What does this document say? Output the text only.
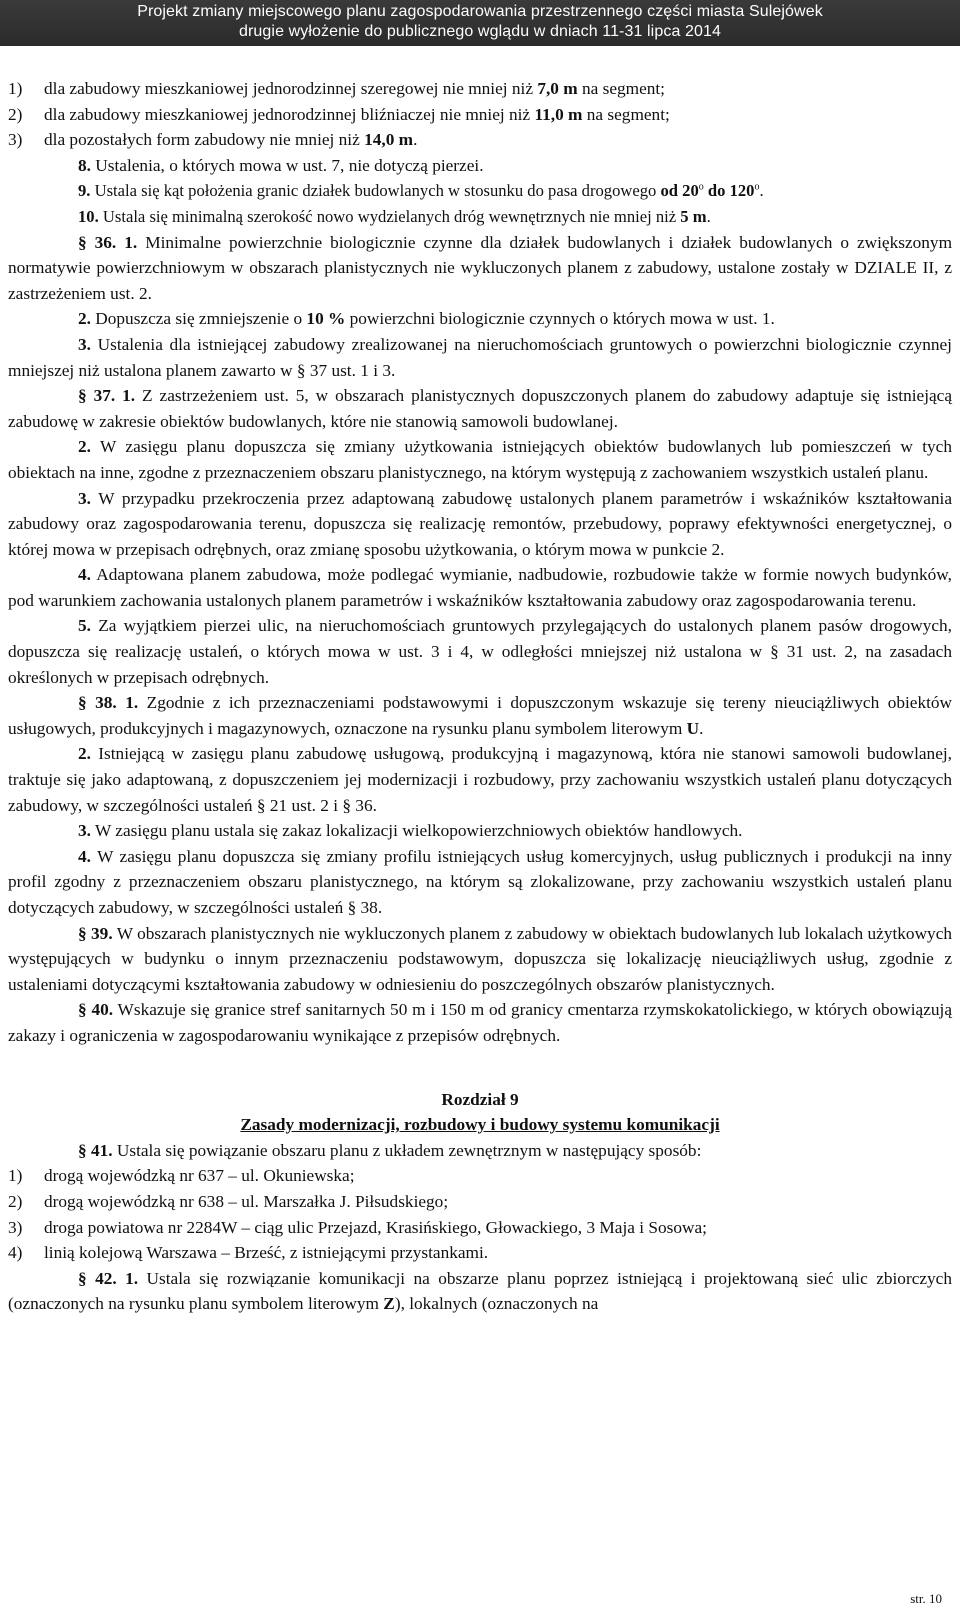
Projekt zmiany miejscowego planu zagospodarowania przestrzennego części miasta Sulejówek
drugie wyłożenie do publicznego wglądu w dniach 11-31 lipca 2014
1)	dla zabudowy mieszkaniowej jednorodzinnej szeregowej nie mniej niż 7,0 m na segment;
2)	dla zabudowy mieszkaniowej jednorodzinnej bliźniaczej nie mniej niż 11,0 m na segment;
3)	dla pozostałych form zabudowy nie mniej niż 14,0 m.

8. Ustalenia, o których mowa w ust. 7, nie dotyczą pierzei.

9. Ustala się kąt położenia granic działek budowlanych w stosunku do pasa drogowego od 20$^o$ do 120$^o$.

10. Ustala się minimalną szerokość nowo wydzielanych dróg wewnętrznych nie mniej niż 5 m.

§ 36. 1. Minimalne powierzchnie biologicznie czynne dla działek budowlanych i działek budowlanych o zwiększonym normatywie powierzchniowym w obszarach planistycznych nie wykluczonych planem z zabudowy, ustalone zostały w DZIALE II, z zastrzeżeniem ust. 2.

2. Dopuszcza się zmniejszenie o 10 % powierzchni biologicznie czynnych o których mowa w ust. 1.

3. Ustalenia dla istniejącej zabudowy zrealizowanej na nieruchomościach gruntowych o powierzchni biologicznie czynnej mniejszej niż ustalona planem zawarto w § 37 ust. 1 i 3.

§ 37. 1. Z zastrzeżeniem ust. 5, w obszarach planistycznych dopuszczonych planem do zabudowy adaptuje się istniejącą zabudowę w zakresie obiektów budowlanych, które nie stanowią samowoli budowlanej.

2. W zasięgu planu dopuszcza się zmiany użytkowania istniejących obiektów budowlanych lub pomieszczeń w tych obiektach na inne, zgodne z przeznaczeniem obszaru planistycznego, na którym występują z zachowaniem wszystkich ustaleń planu.

3. W przypadku przekroczenia przez adaptowaną zabudowę ustalonych planem parametrów i wskaźników kształtowania zabudowy oraz zagospodarowania terenu, dopuszcza się realizację remontów, przebudowy, poprawy efektywności energetycznej, o której mowa w przepisach odrębnych, oraz zmianę sposobu użytkowania, o którym mowa w punkcie 2.

4. Adaptowana planem zabudowa, może podlegać wymianie, nadbudowie, rozbudowie także w formie nowych budynków, pod warunkiem zachowania ustalonych planem parametrów i wskaźników kształtowania zabudowy oraz zagospodarowania terenu.

5. Za wyjątkiem pierzei ulic, na nieruchomościach gruntowych przylegających do ustalonych planem pasów drogowych, dopuszcza się realizację ustaleń, o których mowa w ust. 3 i 4, w odległości mniejszej niż ustalona w § 31 ust. 2, na zasadach określonych w przepisach odrębnych.

§ 38. 1. Zgodnie z ich przeznaczeniami podstawowymi i dopuszczonym wskazuje się tereny nieuciążliwych obiektów usługowych, produkcyjnych i magazynowych, oznaczone na rysunku planu symbolem literowym U.

2. Istniejącą w zasięgu planu zabudowę usługową, produkcyjną i magazynową, która nie stanowi samowoli budowlanej, traktuje się jako adaptowaną, z dopuszczeniem jej modernizacji i rozbudowy, przy zachowaniu wszystkich ustaleń planu dotyczących zabudowy, w szczególności ustaleń § 21 ust. 2 i § 36.

3. W zasięgu planu ustala się zakaz lokalizacji wielkopowierzchniowych obiektów handlowych.

4. W zasięgu planu dopuszcza się zmiany profilu istniejących usług komercyjnych, usług publicznych i produkcji na inny profil zgodny z przeznaczeniem obszaru planistycznego, na którym są zlokalizowane, przy zachowaniu wszystkich ustaleń planu dotyczących zabudowy, w szczególności ustaleń § 38.

§ 39. W obszarach planistycznych nie wykluczonych planem z zabudowy w obiektach budowlanych lub lokalach użytkowych występujących w budynku o innym przeznaczeniu podstawowym, dopuszcza się lokalizację nieuciążliwych usług, zgodnie z ustaleniami dotyczącymi kształtowania zabudowy w odniesieniu do poszczególnych obszarów planistycznych.

§ 40. Wskazuje się granice stref sanitarnych 50 m i 150 m od granicy cmentarza rzymskokatolickiego, w których obowiązują zakazy i ograniczenia w zagospodarowaniu wynikające z przepisów odrębnych.

Rozdział 9

Zasady modernizacji, rozbudowy i budowy systemu komunikacji

§ 41. Ustala się powiązanie obszaru planu z układem zewnętrznym w następujący sposób:

1)	drogą wojewódzką nr 637 – ul. Okuniewska;
2)	drogą wojewódzką nr 638 – ul. Marszałka J. Piłsudskiego;
3)	droga powiatowa nr 2284W – ciąg ulic Przejazd, Krasińskiego, Głowackiego, 3 Maja i Sosowa;
4)	linią kolejową Warszawa – Brześć, z istniejącymi przystankami.

§ 42. 1. Ustala się rozwiązanie komunikacji na obszarze planu poprzez istniejącą i projektowaną sieć ulic zbiorczych (oznaczonych na rysunku planu symbolem literowym Z), lokalnych (oznaczonych na

str. 10
